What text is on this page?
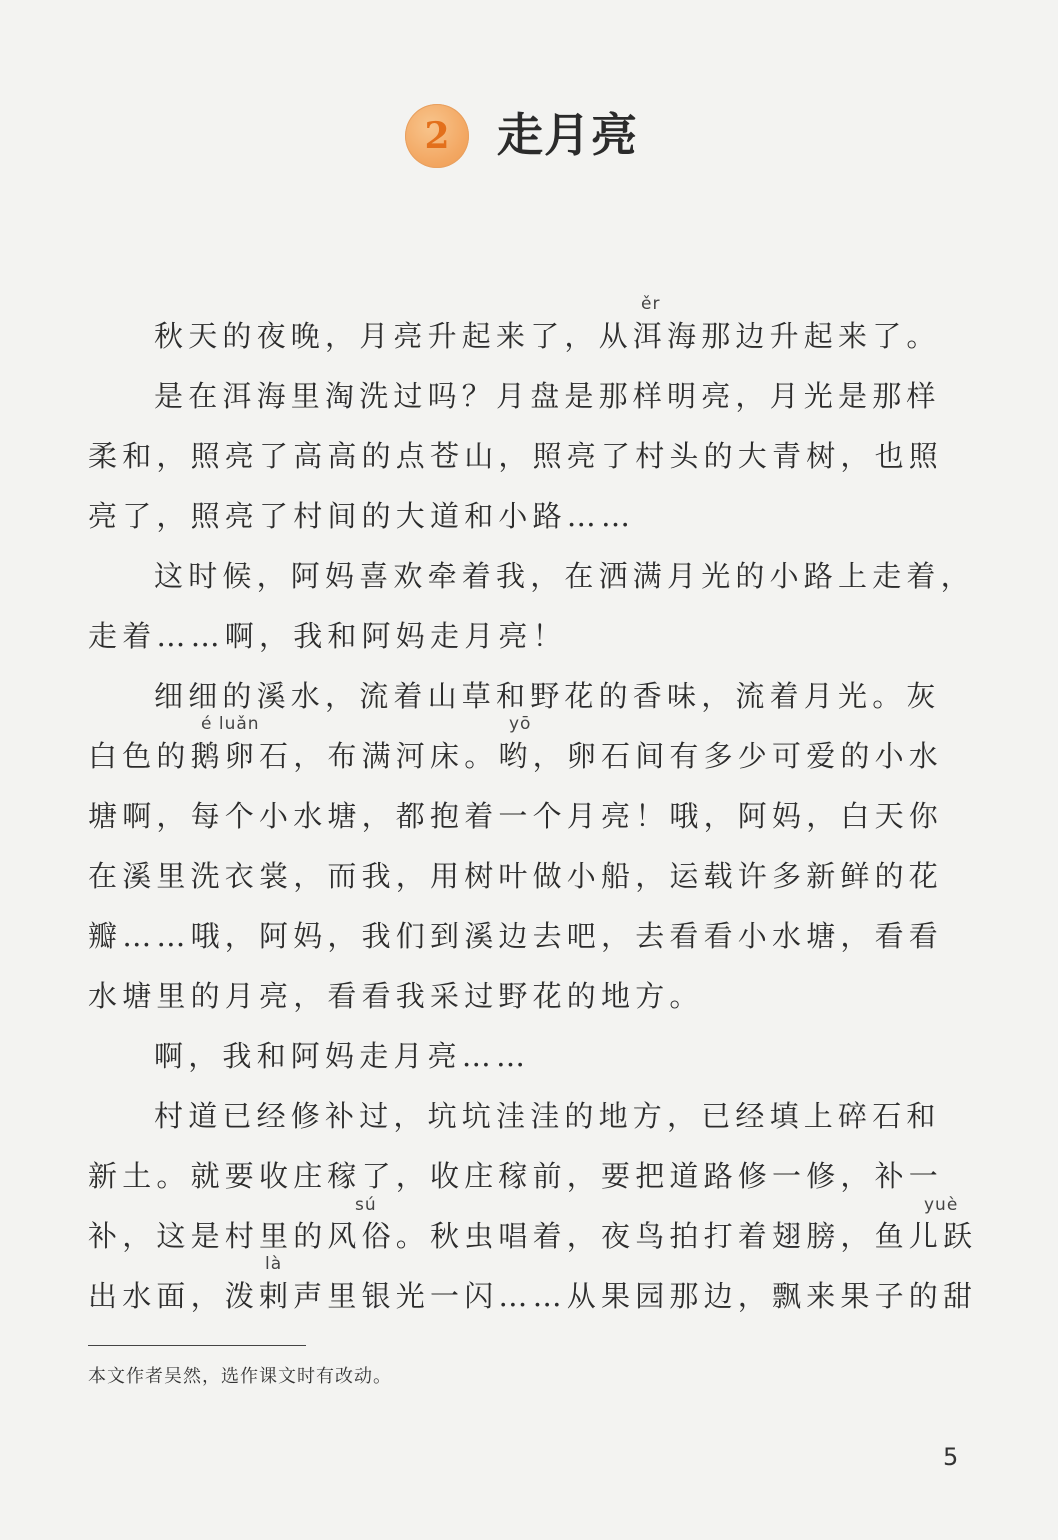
2 走月亮
ěr
é luǎn	yō
sú	yuè
là
秋天的夜晚，月亮升起来了，从洱海那边升起来了。
是在洱海里淘洗过吗？月盘是那样明亮，月光是那样
柔和，照亮了高高的点苍山，照亮了村头的大青树，也照
亮了，照亮了村间的大道和小路……
这时候，阿妈喜欢牵着我，在洒满月光的小路上走着，
走着……啊，我和阿妈走月亮！
细细的溪水，流着山草和野花的香味，流着月光。灰
白色的鹅卵石，布满河床。哟，卵石间有多少可爱的小水
塘啊，每个小水塘，都抱着一个月亮！哦，阿妈，白天你
在溪里洗衣裳，而我，用树叶做小船，运载许多新鲜的花
瓣……哦，阿妈，我们到溪边去吧，去看看小水塘，看看
水塘里的月亮，看看我采过野花的地方。
啊，我和阿妈走月亮……
村道已经修补过，坑坑洼洼的地方，已经填上碎石和
新土。就要收庄稼了，收庄稼前，要把道路修一修，补一
补，这是村里的风俗。秋虫唱着，夜鸟拍打着翅膀，鱼儿跃
出水面，泼剌声里银光一闪……从果园那边，飘来果子的甜
本文作者吴然，选作课文时有改动。
5
